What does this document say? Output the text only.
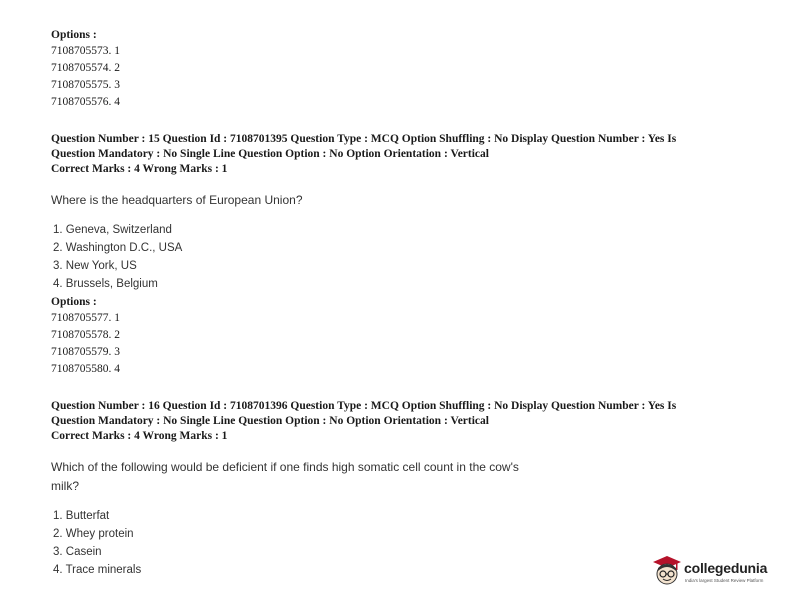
Options :
7108705573. 1
7108705574. 2
7108705575. 3
7108705576. 4
Question Number : 15 Question Id : 7108701395 Question Type : MCQ Option Shuffling : No Display Question Number : Yes Is
Question Mandatory : No Single Line Question Option : No Option Orientation : Vertical
Correct Marks : 4 Wrong Marks : 1
Where is the headquarters of European Union?
1. Geneva, Switzerland
2. Washington D.C., USA
3. New York, US
4. Brussels, Belgium
Options :
7108705577. 1
7108705578. 2
7108705579. 3
7108705580. 4
Question Number : 16 Question Id : 7108701396 Question Type : MCQ Option Shuffling : No Display Question Number : Yes Is
Question Mandatory : No Single Line Question Option : No Option Orientation : Vertical
Correct Marks : 4 Wrong Marks : 1
Which of the following would be deficient if one finds high somatic cell count in the cow's
milk?
1. Butterfat
2. Whey protein
3. Casein
4. Trace minerals	collegedunia
India's largest Student Review Platform
